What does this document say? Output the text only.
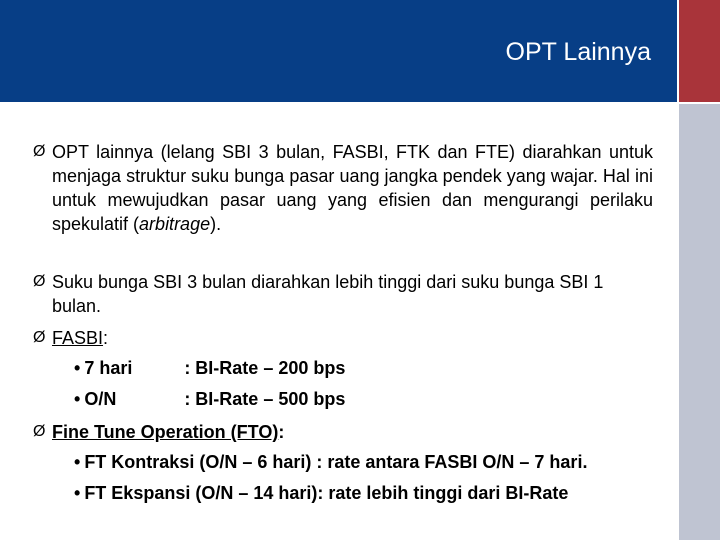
OPT Lainnya
Ø OPT lainnya (lelang SBI 3 bulan, FASBI, FTK dan FTE) diarahkan untuk menjaga struktur suku bunga pasar uang jangka pendek yang wajar. Hal ini untuk mewujudkan pasar uang yang efisien dan mengurangi perilaku spekulatif (arbitrage).
Ø Suku bunga SBI 3 bulan diarahkan lebih tinggi dari suku bunga SBI 1 bulan.
Ø FASBI:
• 7 hari	: BI-Rate – 200 bps
• O/N	: BI-Rate – 500 bps
Ø Fine Tune Operation (FTO):
• FT Kontraksi (O/N – 6 hari) : rate antara FASBI O/N – 7 hari.
• FT Ekspansi (O/N – 14 hari): rate lebih tinggi dari BI-Rate
